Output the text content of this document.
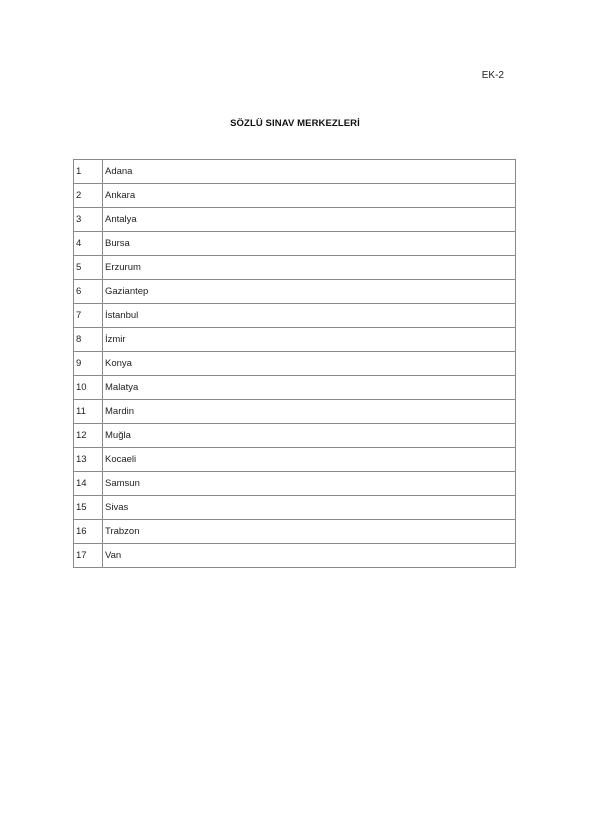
EK-2
SÖZLÜ SINAV MERKEZLERİ
1	Adana
2	Ankara
3	Antalya
4	Bursa
5	Erzurum
6	Gaziantep
7	İstanbul
8	İzmir
9	Konya
10	Malatya
11	Mardin
12	Muğla
13	Kocaeli
14	Samsun
15	Sivas
16	Trabzon
17	Van
